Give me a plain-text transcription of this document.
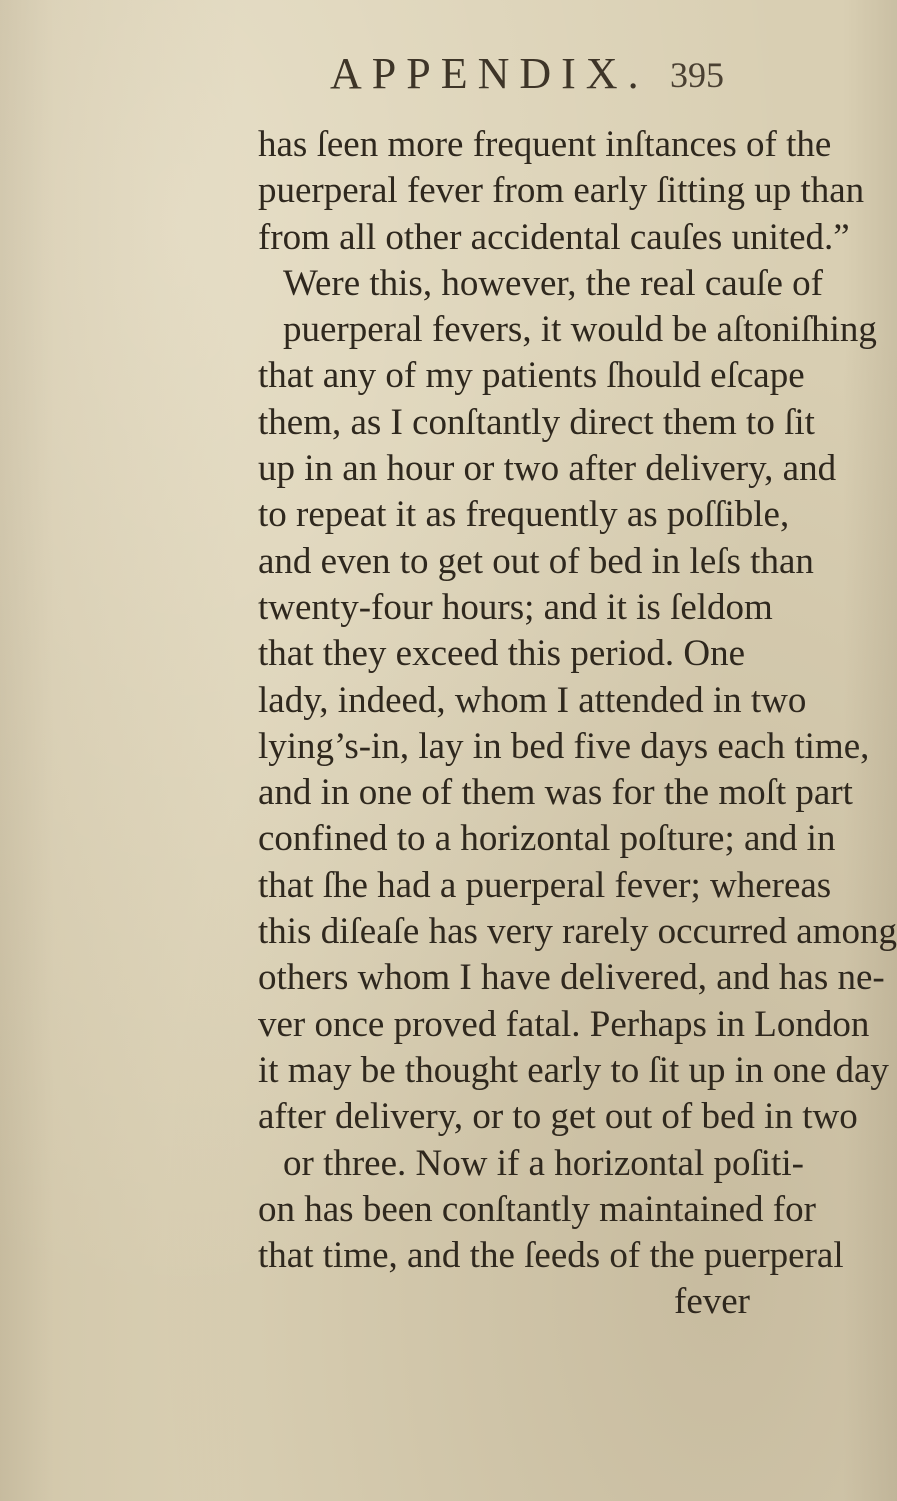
APPENDIX. 395
has ſeen more frequent inſtances of the
puerperal fever from early ſitting up than
from all other accidental cauſes united.”
Were this, however, the real cauſe of
puerperal fevers, it would be aſtoniſhing
that any of my patients ſhould eſcape
them, as I conſtantly direct them to ſit
up in an hour or two after delivery, and
to repeat it as frequently as poſſible,
and even to get out of bed in leſs than
twenty-four hours; and it is ſeldom
that they exceed this period. One
lady, indeed, whom I attended in two
lying’s-in, lay in bed five days each time,
and in one of them was for the moſt part
confined to a horizontal poſture; and in
that ſhe had a puerperal fever; whereas
this diſeaſe has very rarely occurred among
others whom I have delivered, and has ne-
ver once proved fatal. Perhaps in London
it may be thought early to ſit up in one day
after delivery, or to get out of bed in two
or three. Now if a horizontal poſiti-
on has been conſtantly maintained for
that time, and the ſeeds of the puerperal
fever
